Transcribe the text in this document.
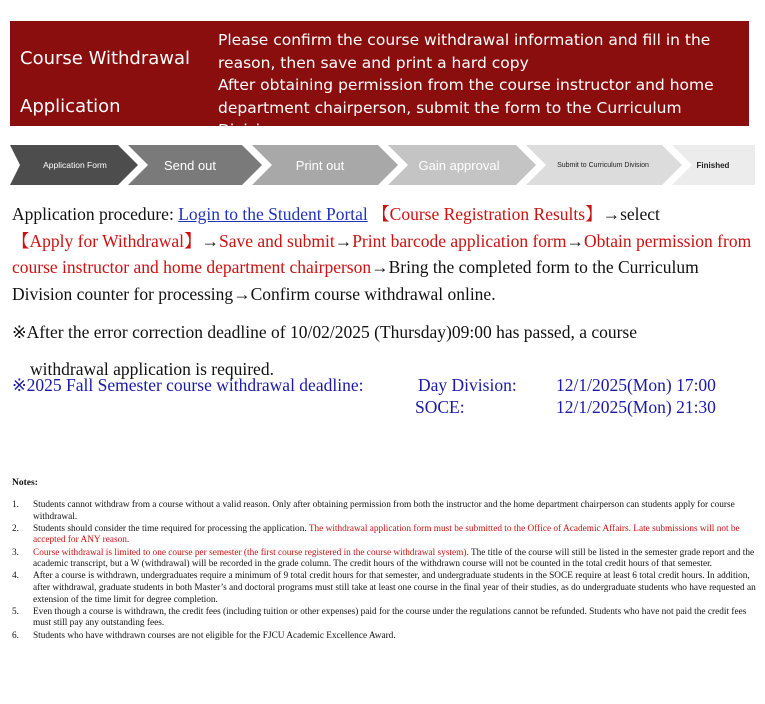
Course Withdrawal
Application
Please confirm the course withdrawal information and fill in the
reason, then save and print a hard copy
After obtaining permission from the course instructor and home
department chairperson, submit the form to the Curriculum Division
Application Form	Send out	Print out	Gain approval	Submit to Curriculum Division	Finished
Application procedure: Login to the Student Portal 【Course Registration Results】→select
【Apply for Withdrawal】→Save and submit→Print barcode application form→Obtain permission from course instructor and home department chairperson→Bring the completed form to the Curriculum Division counter for processing→Confirm course withdrawal online.
※After the error correction deadline of 10/02/2025 (Thursday)09:00 has passed, a course
withdrawal application is required.
※2025 Fall Semester course withdrawal deadline:	Day Division: 12/1/2025(Mon) 17:00
SOCE:	12/1/2025(Mon) 21:30
Notes:
1. Students cannot withdraw from a course without a valid reason. Only after obtaining permission from both the instructor and the home department chairperson can students apply for course withdrawal.
2. Students should consider the time required for processing the application. The withdrawal application form must be submitted to the Office of Academic Affairs. Late submissions will not be accepted for ANY reason.
3. Course withdrawal is limited to one course per semester (the first course registered in the course withdrawal system). The title of the course will still be listed in the semester grade report and the academic transcript, but a W (withdrawal) will be recorded in the grade column. The credit hours of the withdrawn course will not be counted in the total credit hours of that semester.
4. After a course is withdrawn, undergraduates require a minimum of 9 total credit hours for that semester, and undergraduate students in the SOCE require at least 6 total credit hours. In addition, after withdrawal, graduate students in both Master’s and doctoral programs must still take at least one course in the final year of their studies, as do undergraduate students who have requested an extension of the time limit for degree completion.
5. Even though a course is withdrawn, the credit fees (including tuition or other expenses) paid for the course under the regulations cannot be refunded. Students who have not paid the credit fees must still pay any outstanding fees.
6. Students who have withdrawn courses are not eligible for the FJCU Academic Excellence Award.
